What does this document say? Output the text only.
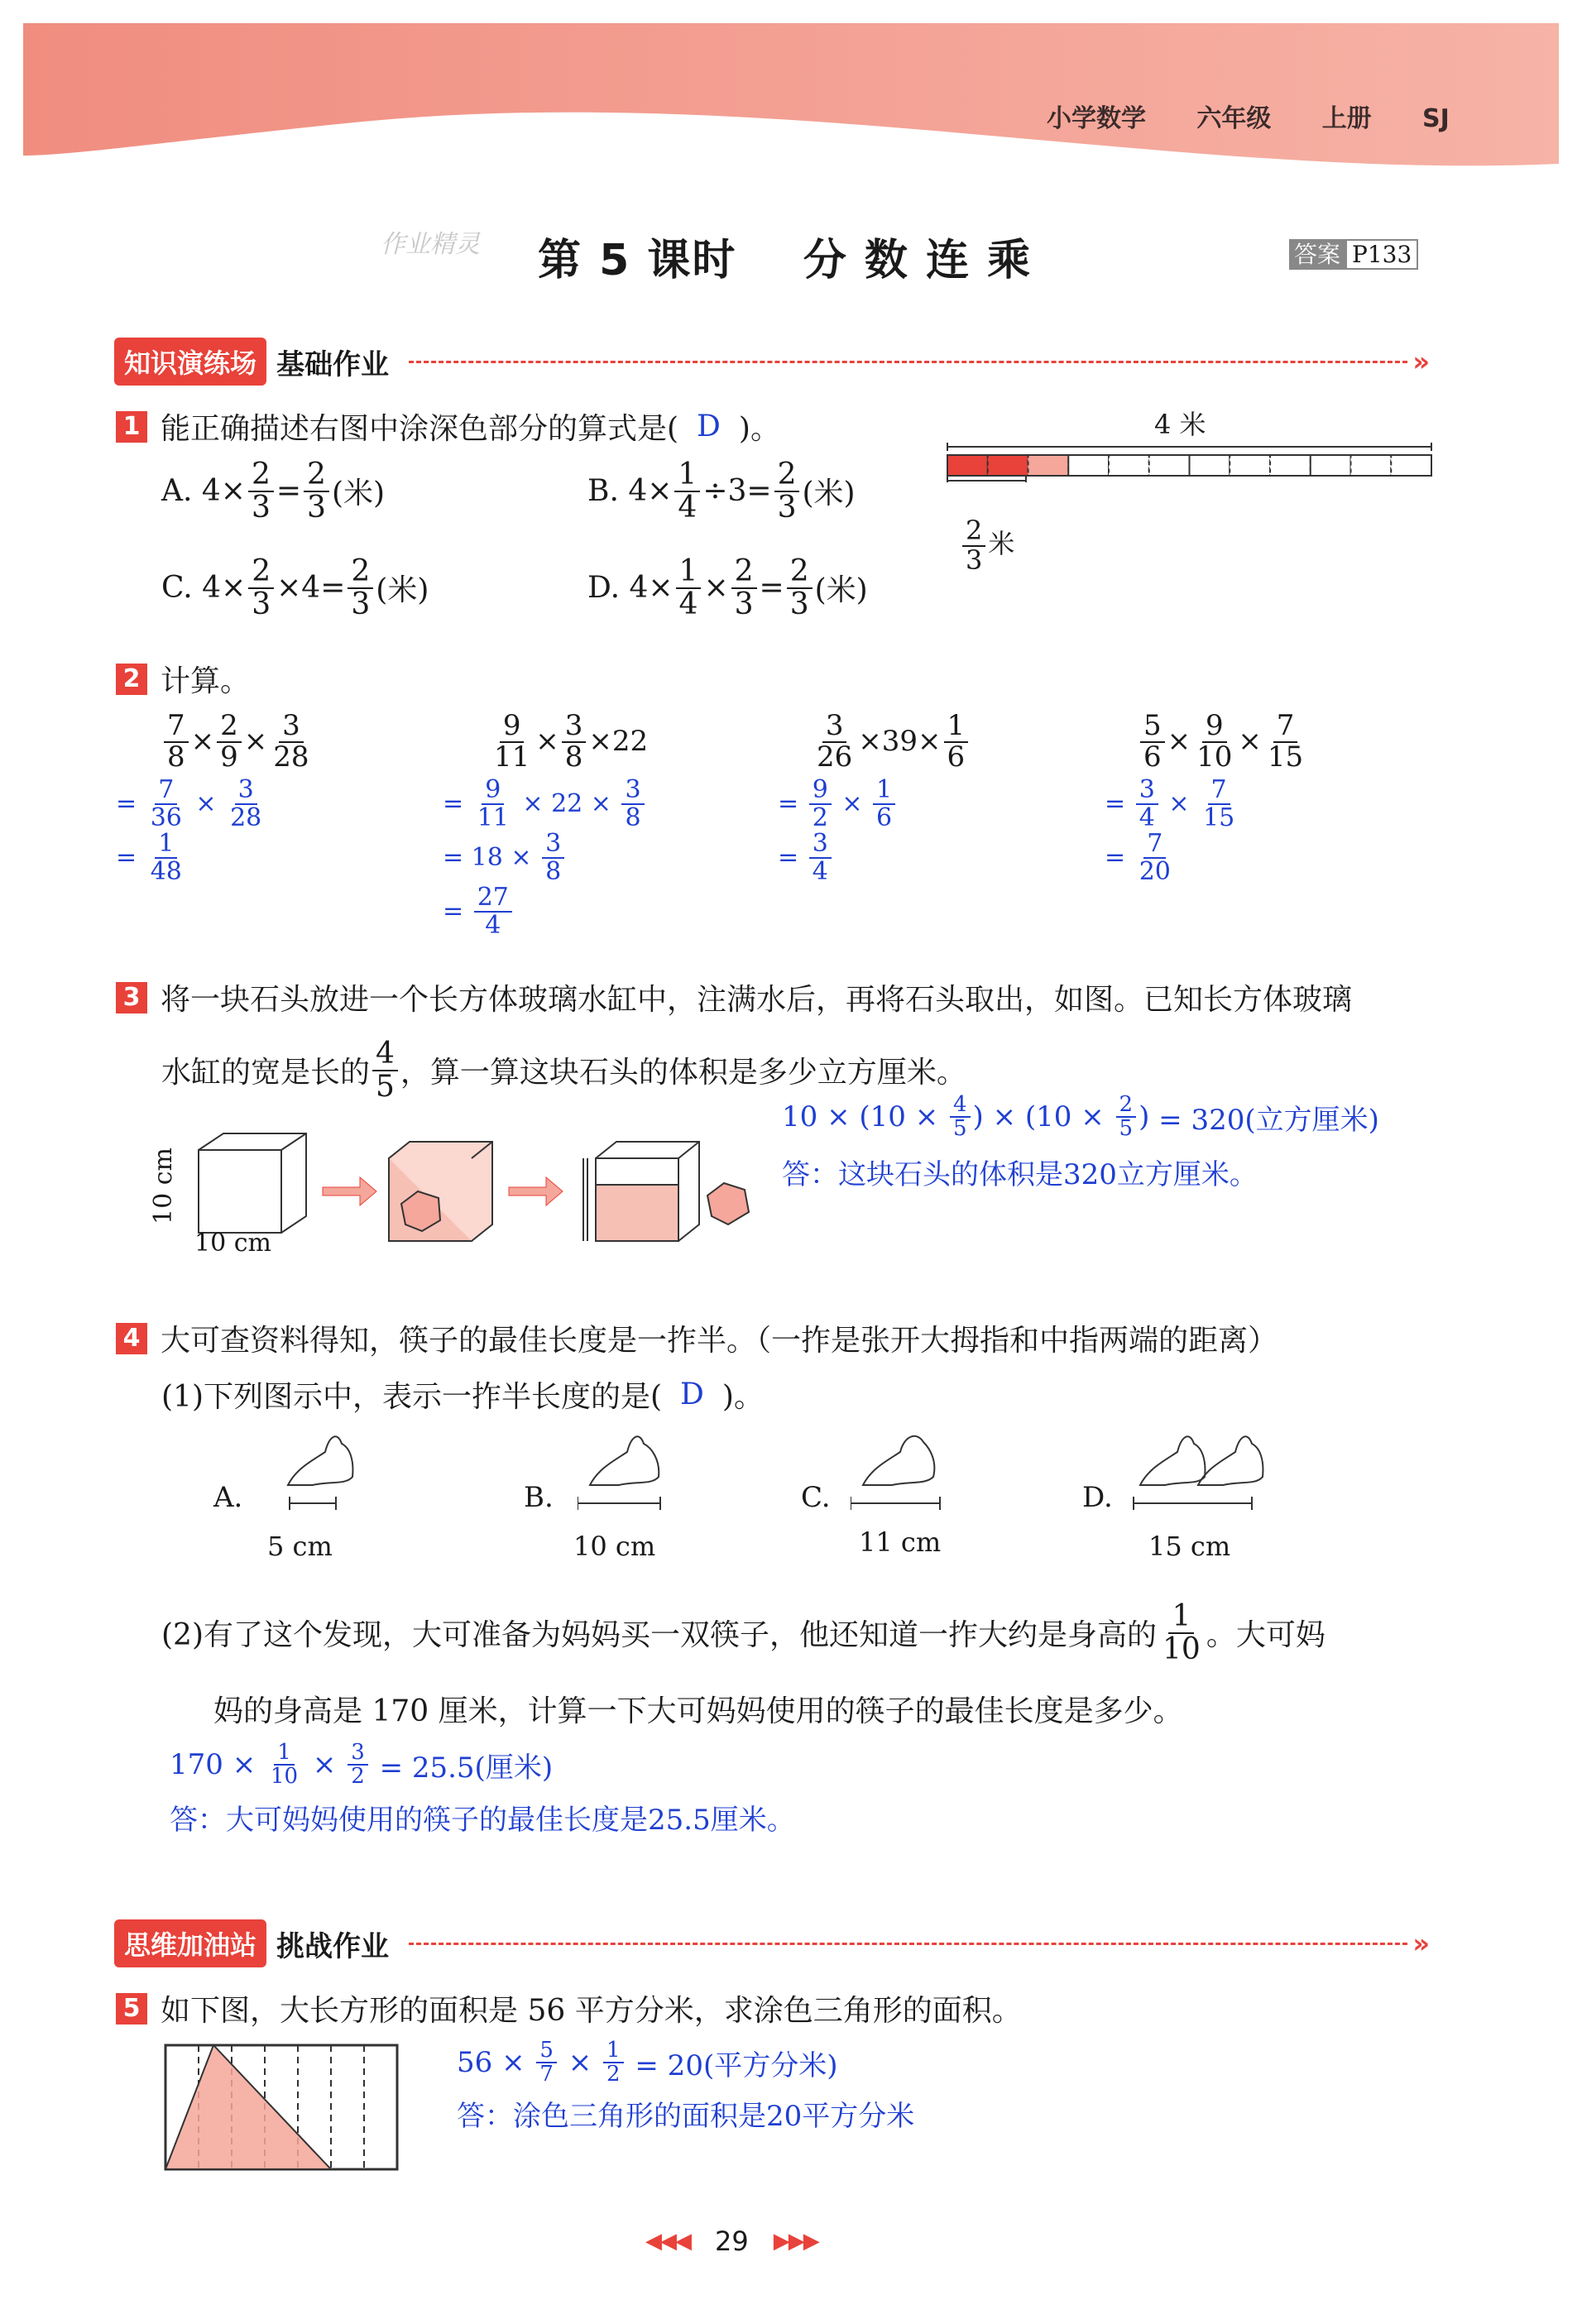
小学数学 六年级 上册 SJ
作业精灵 第 5 课时 分 数 连 乘	答案 P133
知识演练场 基础作业	»
1 能正确描述右图中涂深色部分的算式是( D )。
A. $4\times \frac{2}{3} = \frac{2}{3}$ (米)	B. $4\times \frac{1}{4} \div 3= \frac{2}{3}$ (米)
C. $4\times \frac{2}{3} \times 4= \frac{2}{3}$ (米)	D. $4\times \frac{1}{4} \times \frac{2}{3} = \frac{2}{3}$ (米)
4 米
$\frac{2}{3}$ 米
2 计算。
$\frac{7}{8} \times \frac{2}{9} \times \frac{3}{28}$
= $\frac{7}{36} \times \frac{3}{28}$
= $\frac{1}{48}$
$\frac{9}{11} \times \frac{3}{8} \times 22$
= $\frac{9}{11} \times 22 \times \frac{3}{8}$
= $18 \times \frac{3}{8}$
= $\frac{27}{4}$
$\frac{3}{26} \times 39\times \frac{1}{6}$
= $\frac{9}{2} \times \frac{1}{6}$
= $\frac{3}{4}$
$\frac{5}{6} \times \frac{9}{10} \times \frac{7}{15}$
= $\frac{3}{4} \times \frac{7}{15}$
= $\frac{7}{20}$
3 将一块石头放进一个长方体玻璃水缸中，注满水后，再将石头取出，如图。已知长方体玻璃
水缸的宽是长的 $\frac{4}{5}$ ，算一算这块石头的体积是多少立方厘米。
10 cm
10 cm
$10 \times (10 \times \frac{4}{5}$ ) × ($10 \times \frac{2}{5}$ ) = 320(立方厘米)
答：这块石头的体积是320立方厘米。
4 大可查资料得知，筷子的最佳长度是一拃半。（一拃是张开大拇指和中指两端的距离）
(1)下列图示中，表示一拃半长度的是( D )。
A.
5 cm
B.
10 cm
C.
11 cm
D.
15 cm
(2)有了这个发现，大可准备为妈妈买一双筷子，他还知道一拃大约是身高的 $\frac{1}{10}$ 。大可妈
妈的身高是 170 厘米，计算一下大可妈妈使用的筷子的最佳长度是多少。
$170 \times \frac{1}{10} \times \frac{3}{2}$
= 25.5(厘米)
答：大可妈妈使用的筷子的最佳长度是25.5厘米。
思维加油站 挑战作业	»
5 如下图，大长方形的面积是 56 平方分米，求涂色三角形的面积。
$56 \times \frac{5}{7} \times \frac{1}{2}$
= 20(平方分米)
答：涂色三角形的面积是20平方分米
◀◀◀ 29 ▶▶▶
